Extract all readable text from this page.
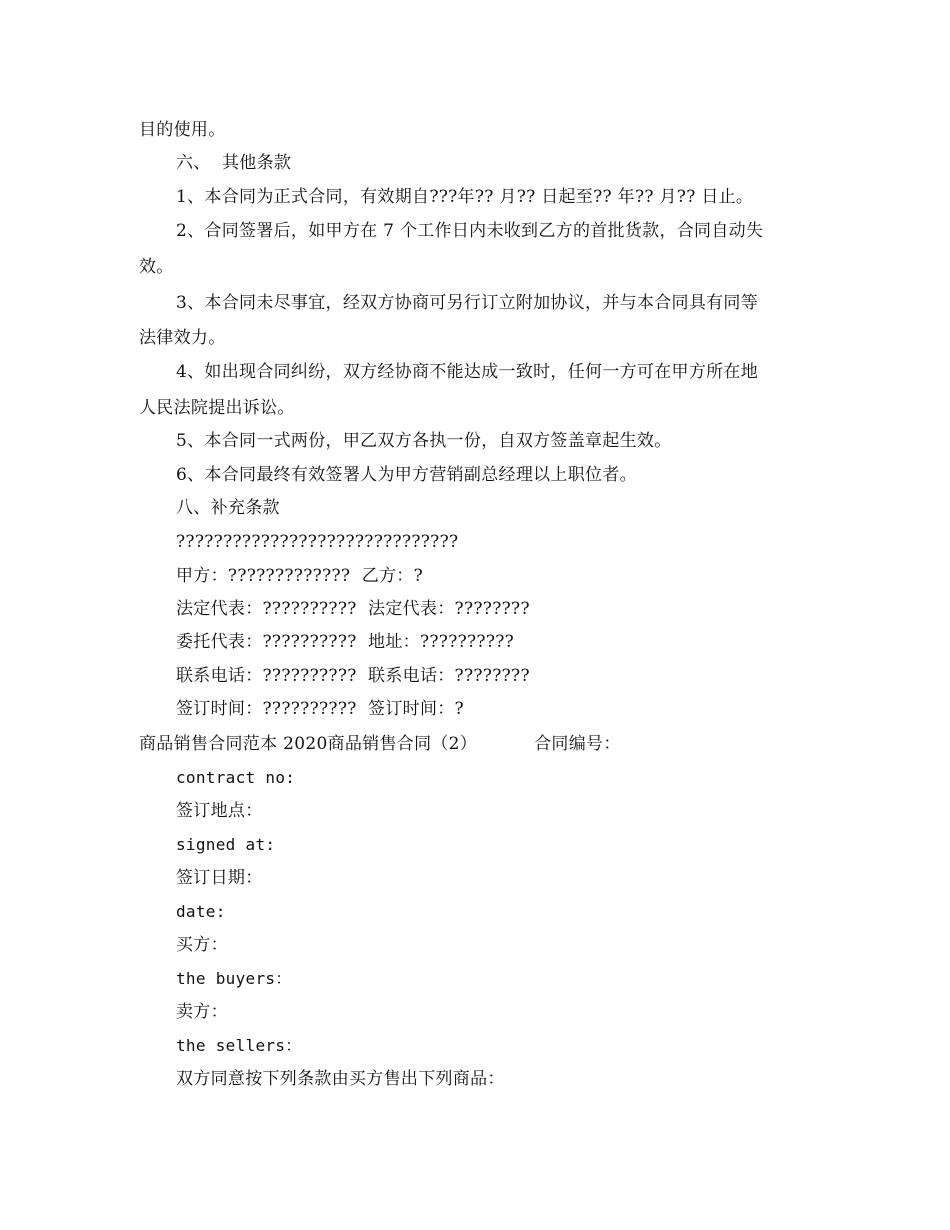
目的使用。
六、  其他条款
1、本合同为正式合同，有效期自???年?? 月?? 日起至?? 年?? 月?? 日止。
2、合同签署后，如甲方在 7 个工作日内未收到乙方的首批货款，合同自动失
效。
3、本合同未尽事宜，经双方协商可另行订立附加协议，并与本合同具有同等
法律效力。
4、如出现合同纠纷，双方经协商不能达成一致时，任何一方可在甲方所在地
人民法院提出诉讼。
5、本合同一式两份，甲乙双方各执一份，自双方签盖章起生效。
6、本合同最终有效签署人为甲方营销副总经理以上职位者。
八、补充条款
??????????????????????????????
甲方：?????????????  乙方：?
法定代表：??????????  法定代表：????????
委托代表：??????????  地址：??????????
联系电话：??????????  联系电话：????????
签订时间：??????????  签订时间：?
商品销售合同范本 2020商品销售合同（2）          合同编号：
contract no:
签订地点：
signed at:
签订日期：
date:
买方：
the buyers：
卖方：
the sellers：
双方同意按下列条款由买方售出下列商品：
